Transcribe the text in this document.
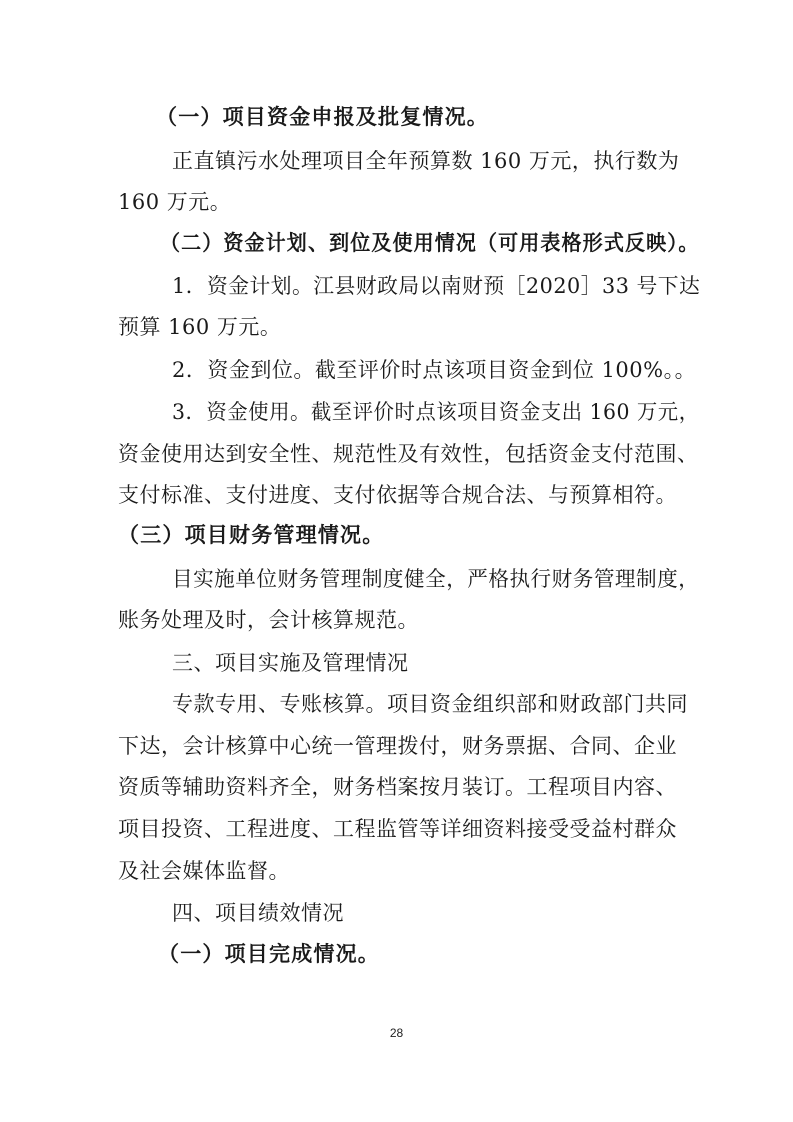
（一）项目资金申报及批复情况。
正直镇污水处理项目全年预算数 160 万元，执行数为
160 万元。
（二）资金计划、到位及使用情况（可用表格形式反映）。
1．资金计划。江县财政局以南财预［2020］33 号下达
预算 160 万元。
2．资金到位。截至评价时点该项目资金到位 100%。。
3．资金使用。截至评价时点该项目资金支出 160 万元，
资金使用达到安全性、规范性及有效性，包括资金支付范围、
支付标准、支付进度、支付依据等合规合法、与预算相符。
（三）项目财务管理情况。
目实施单位财务管理制度健全，严格执行财务管理制度，
账务处理及时，会计核算规范。
三、项目实施及管理情况
专款专用、专账核算。项目资金组织部和财政部门共同
下达，会计核算中心统一管理拨付，财务票据、合同、企业
资质等辅助资料齐全，财务档案按月装订。工程项目内容、
项目投资、工程进度、工程监管等详细资料接受受益村群众
及社会媒体监督。
四、项目绩效情况
（一）项目完成情况。
28
